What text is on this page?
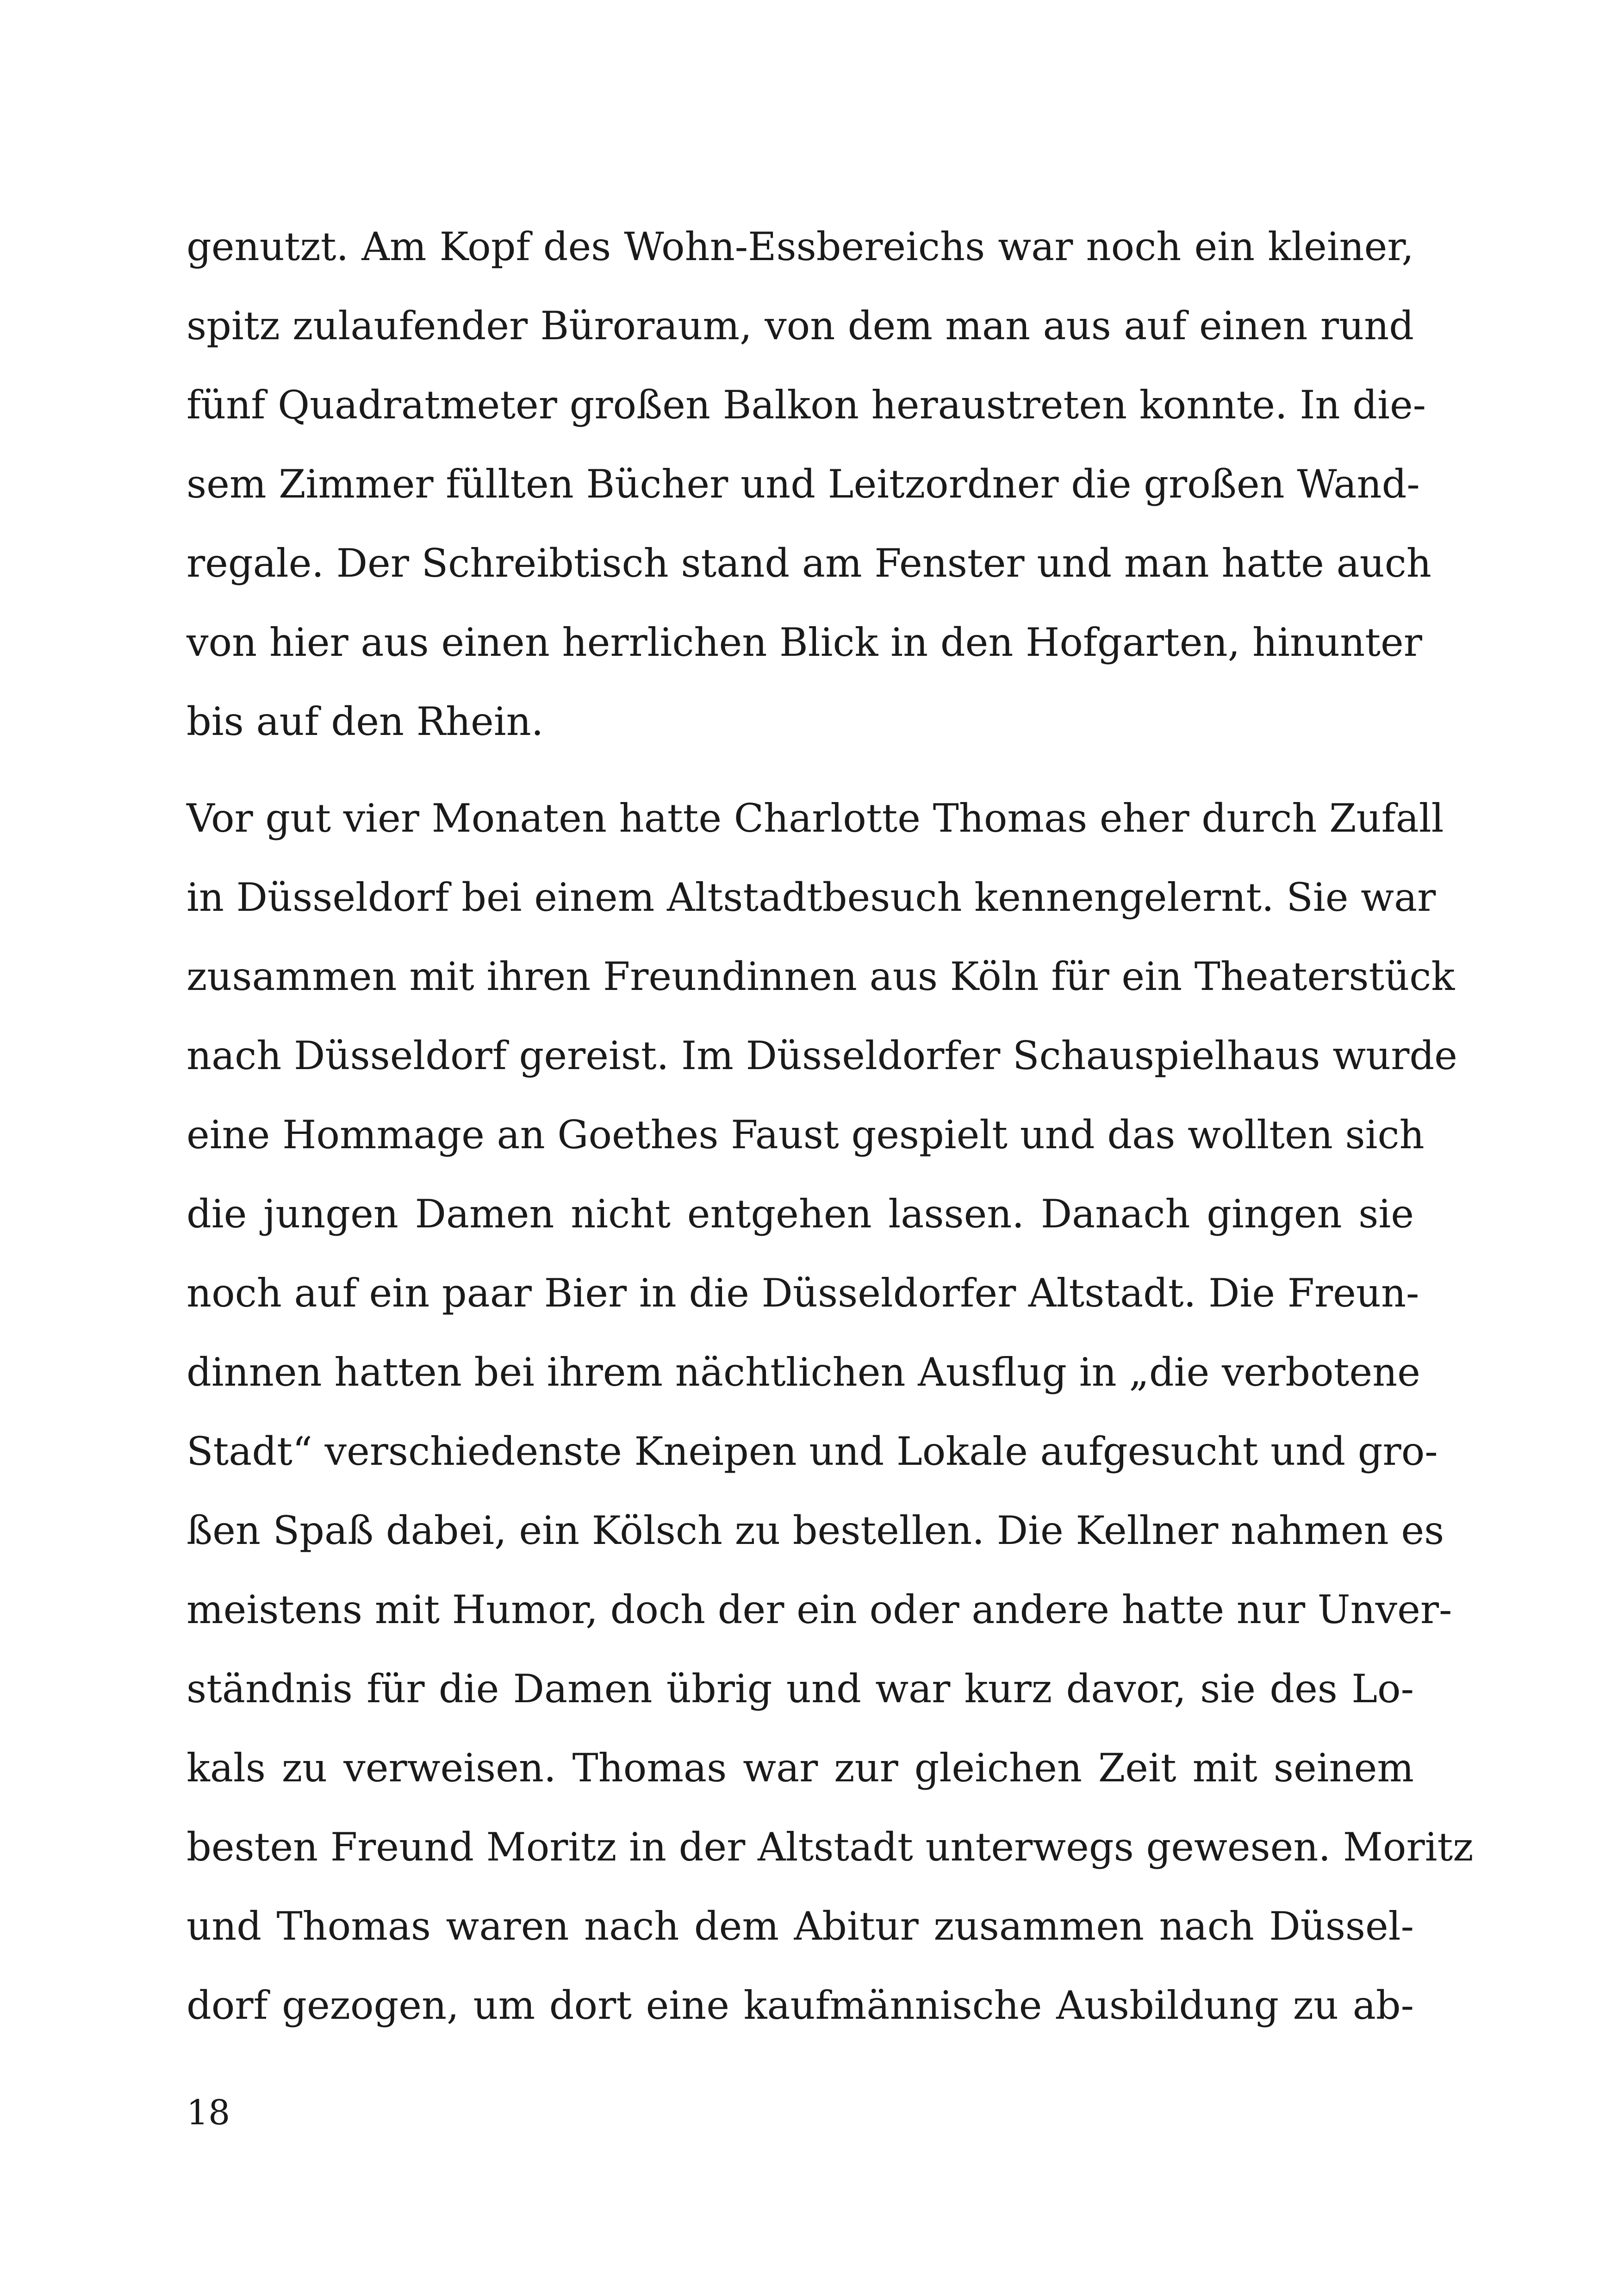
genutzt. Am Kopf des Wohn-Essbereichs war noch ein kleiner,
spitz zulaufender Büroraum, von dem man aus auf einen rund
fünf Quadratmeter großen Balkon heraustreten konnte. In die-
sem Zimmer füllten Bücher und Leitzordner die großen Wand-
regale. Der Schreibtisch stand am Fenster und man hatte auch
von hier aus einen herrlichen Blick in den Hofgarten, hinunter
bis auf den Rhein.
Vor gut vier Monaten hatte Charlotte Thomas eher durch Zufall
in Düsseldorf bei einem Altstadtbesuch kennengelernt. Sie war
zusammen mit ihren Freundinnen aus Köln für ein Theaterstück
nach Düsseldorf gereist. Im Düsseldorfer Schauspielhaus wurde
eine Hommage an Goethes Faust gespielt und das wollten sich
die jungen Damen nicht entgehen lassen. Danach gingen sie
noch auf ein paar Bier in die Düsseldorfer Altstadt. Die Freun-
dinnen hatten bei ihrem nächtlichen Ausflug in „die verbotene
Stadt“ verschiedenste Kneipen und Lokale aufgesucht und gro-
ßen Spaß dabei, ein Kölsch zu bestellen. Die Kellner nahmen es
meistens mit Humor, doch der ein oder andere hatte nur Unver-
ständnis für die Damen übrig und war kurz davor, sie des Lo-
kals zu verweisen. Thomas war zur gleichen Zeit mit seinem
besten Freund Moritz in der Altstadt unterwegs gewesen. Moritz
und Thomas waren nach dem Abitur zusammen nach Düssel-
dorf gezogen, um dort eine kaufmännische Ausbildung zu ab-
18
